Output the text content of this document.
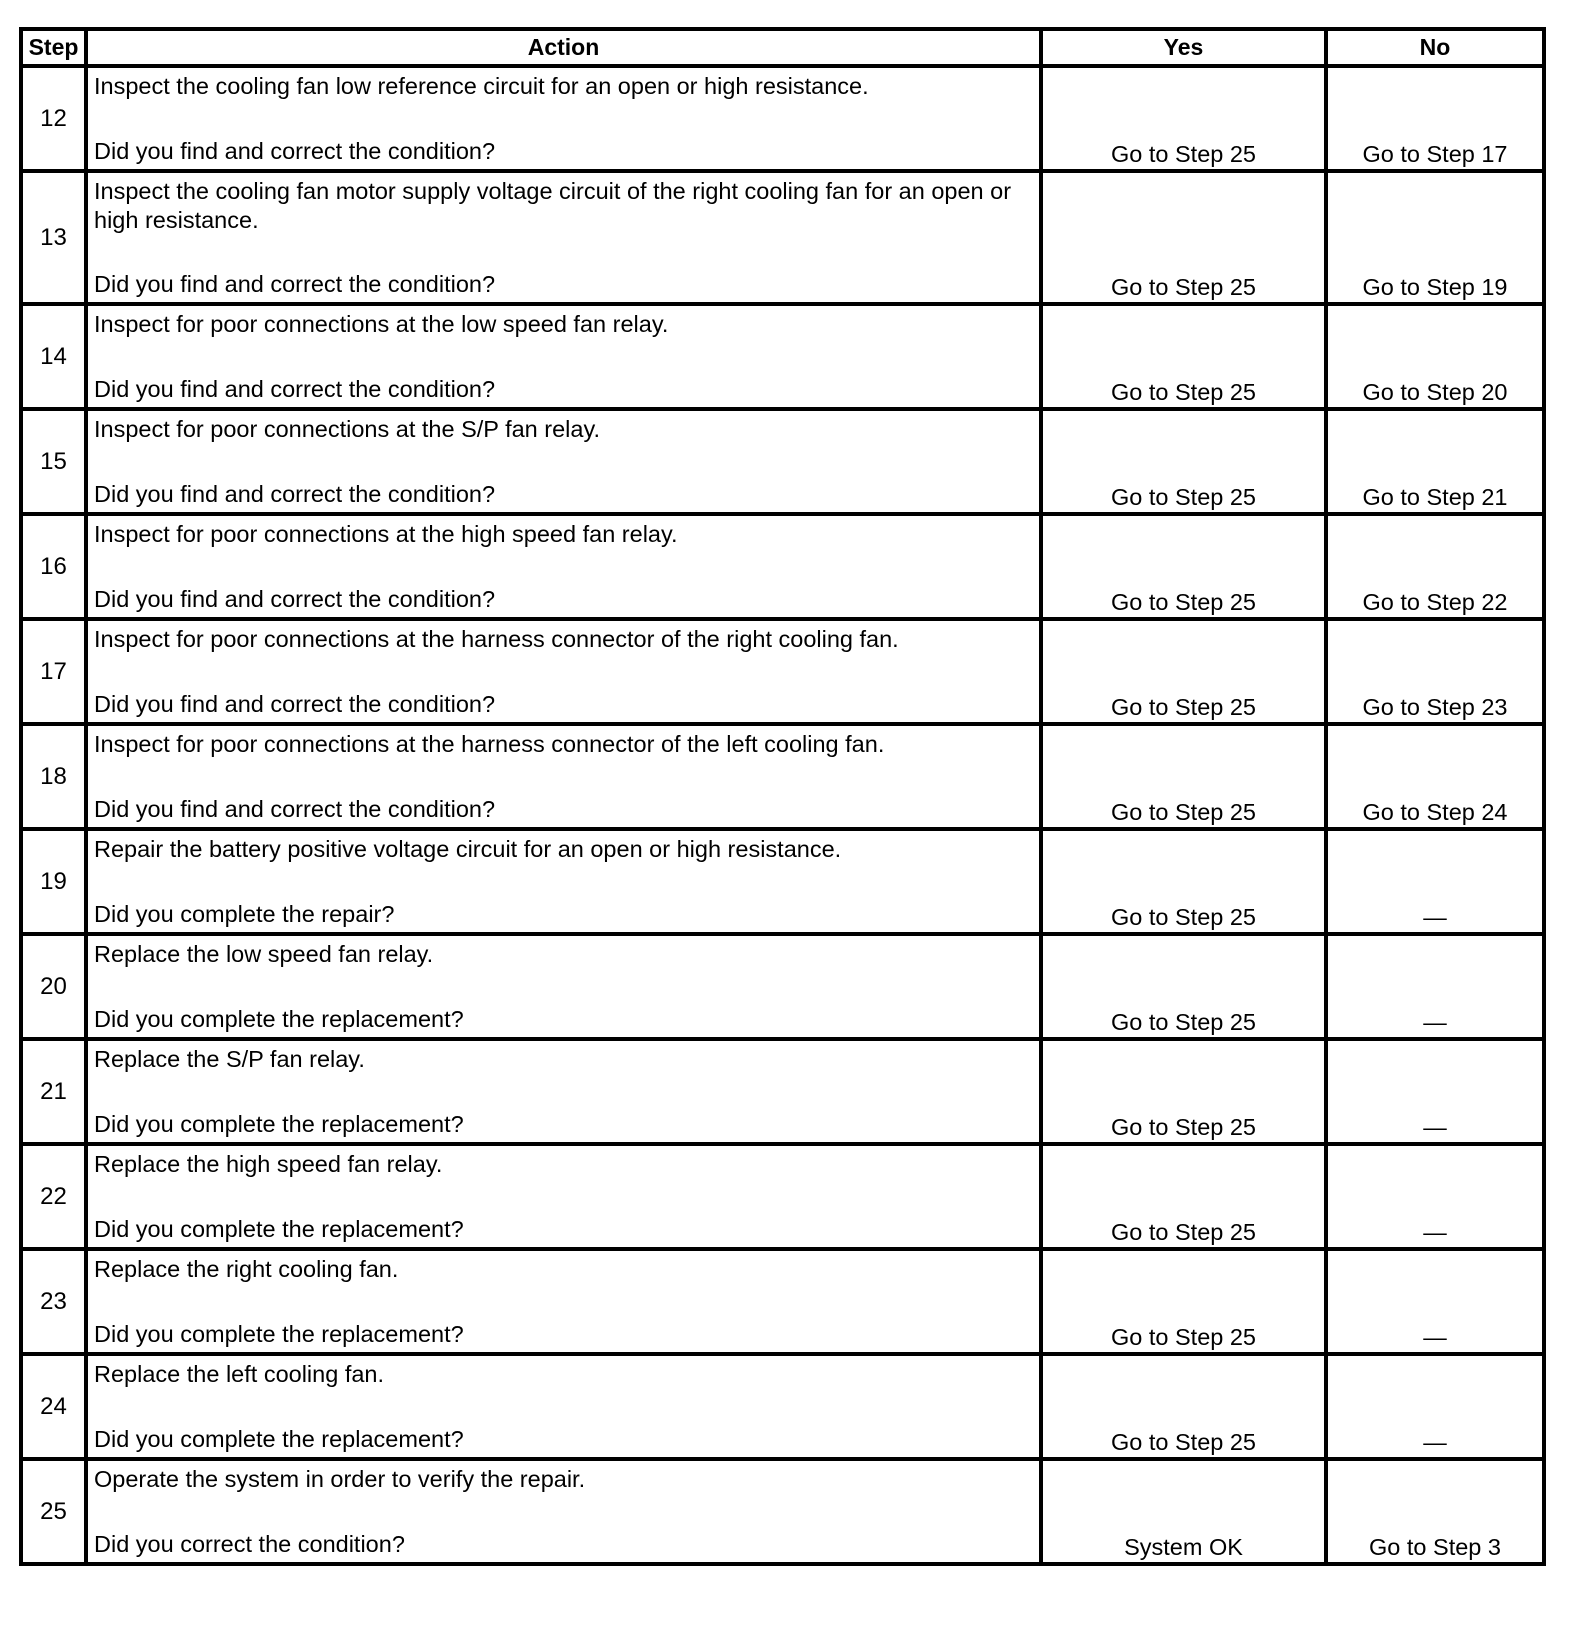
Step	Action	Yes	No
12	Inspect the cooling fan low reference circuit for an open or high resistance.
Did you find and correct the condition?	Go to Step 25	Go to Step 17
13	Inspect the cooling fan motor supply voltage circuit of the right cooling fan for an open or high resistance.
Did you find and correct the condition?	Go to Step 25	Go to Step 19
14	Inspect for poor connections at the low speed fan relay.
Did you find and correct the condition?	Go to Step 25	Go to Step 20
15	Inspect for poor connections at the S/P fan relay.
Did you find and correct the condition?	Go to Step 25	Go to Step 21
16	Inspect for poor connections at the high speed fan relay.
Did you find and correct the condition?	Go to Step 25	Go to Step 22
17	Inspect for poor connections at the harness connector of the right cooling fan.
Did you find and correct the condition?	Go to Step 25	Go to Step 23
18	Inspect for poor connections at the harness connector of the left cooling fan.
Did you find and correct the condition?	Go to Step 25	Go to Step 24
19	Repair the battery positive voltage circuit for an open or high resistance.
Did you complete the repair?	Go to Step 25	—
20	Replace the low speed fan relay.
Did you complete the replacement?	Go to Step 25	—
21	Replace the S/P fan relay.
Did you complete the replacement?	Go to Step 25	—
22	Replace the high speed fan relay.
Did you complete the replacement?	Go to Step 25	—
23	Replace the right cooling fan.
Did you complete the replacement?	Go to Step 25	—
24	Replace the left cooling fan.
Did you complete the replacement?	Go to Step 25	—
25	Operate the system in order to verify the repair.
Did you correct the condition?	System OK	Go to Step 3
